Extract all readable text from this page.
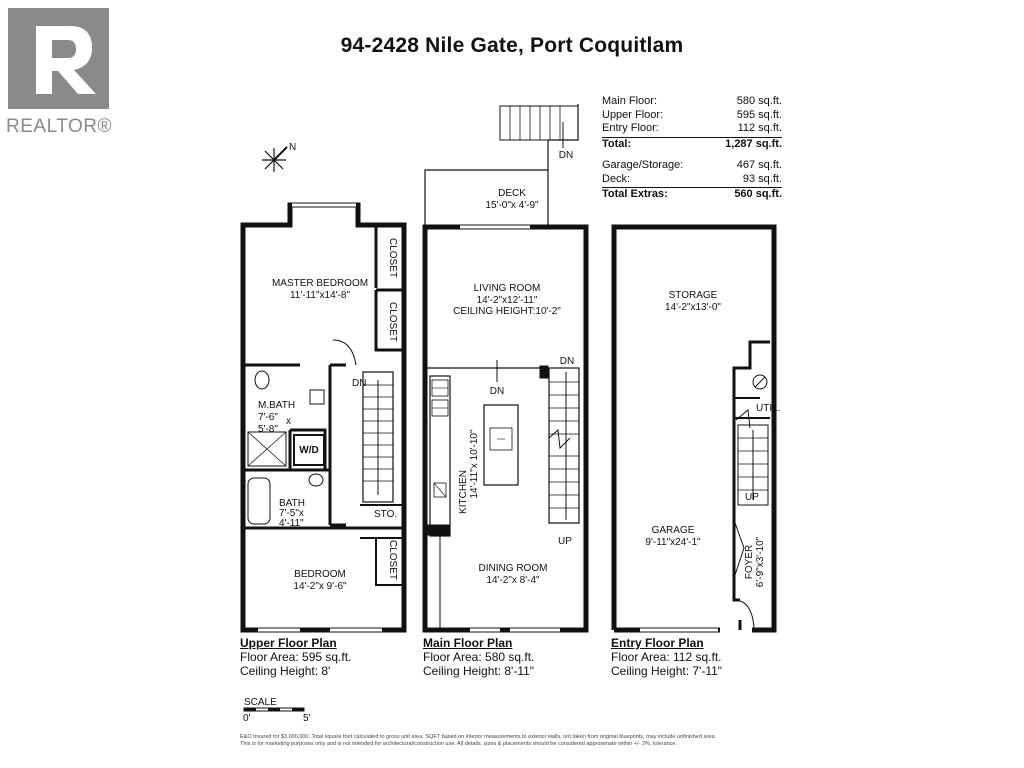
94-2428 Nile Gate, Port Coquitlam
REALTOR®
Main Floor:	580 sq.ft.
Upper Floor:	595 sq.ft.
Entry Floor:	112 sq.ft.
Total:	1,287 sq.ft.
Garage/Storage:	467 sq.ft.
Deck:	93 sq.ft.
Total Extras:	560 sq.ft.
N
MASTER BEDROOM
11'-11"x14'-8"
CLOSET
CLOSET
CLOSET
M.BATH
7'-6" x
5'-8"
W/D
BATH
7'-5"x
4'-11"
STO.
DN
BEDROOM
14'-2"x 9'-6"
DECK
15'-0"x 4'-9"
DN
LIVING ROOM
14'-2"x12'-11"
CEILING HEIGHT:10'-2"
DN
DN
UP
KITCHEN 14'-11"x 10'-10"
DINING ROOM
14'-2"x 8'-4"
STORAGE
14'-2"x13'-0"
UTIL.
UP
GARAGE
9'-11"x24'-1"
FOYER 6'-9"x3'-10"
SCALE
0'	5'
Upper Floor Plan
Floor Area: 595 sq.ft.
Ceiling Height: 8'
Main Floor Plan
Floor Area: 580 sq.ft.
Ceiling Height: 8'-11"
Entry Floor Plan
Floor Area: 112 sq.ft.
Ceiling Height: 7'-11"
E&O Insured for $3,000,000. Total square foot calculated to gross unit area. SQFT based on interior measurements to exterior walls, not taken from original blueprints, may include unfinished area.
This is for marketing purposes only and is not intended for architectural/construction use. All details, sizes & placements should be considered approximate within +/- 2%, tolerance.
